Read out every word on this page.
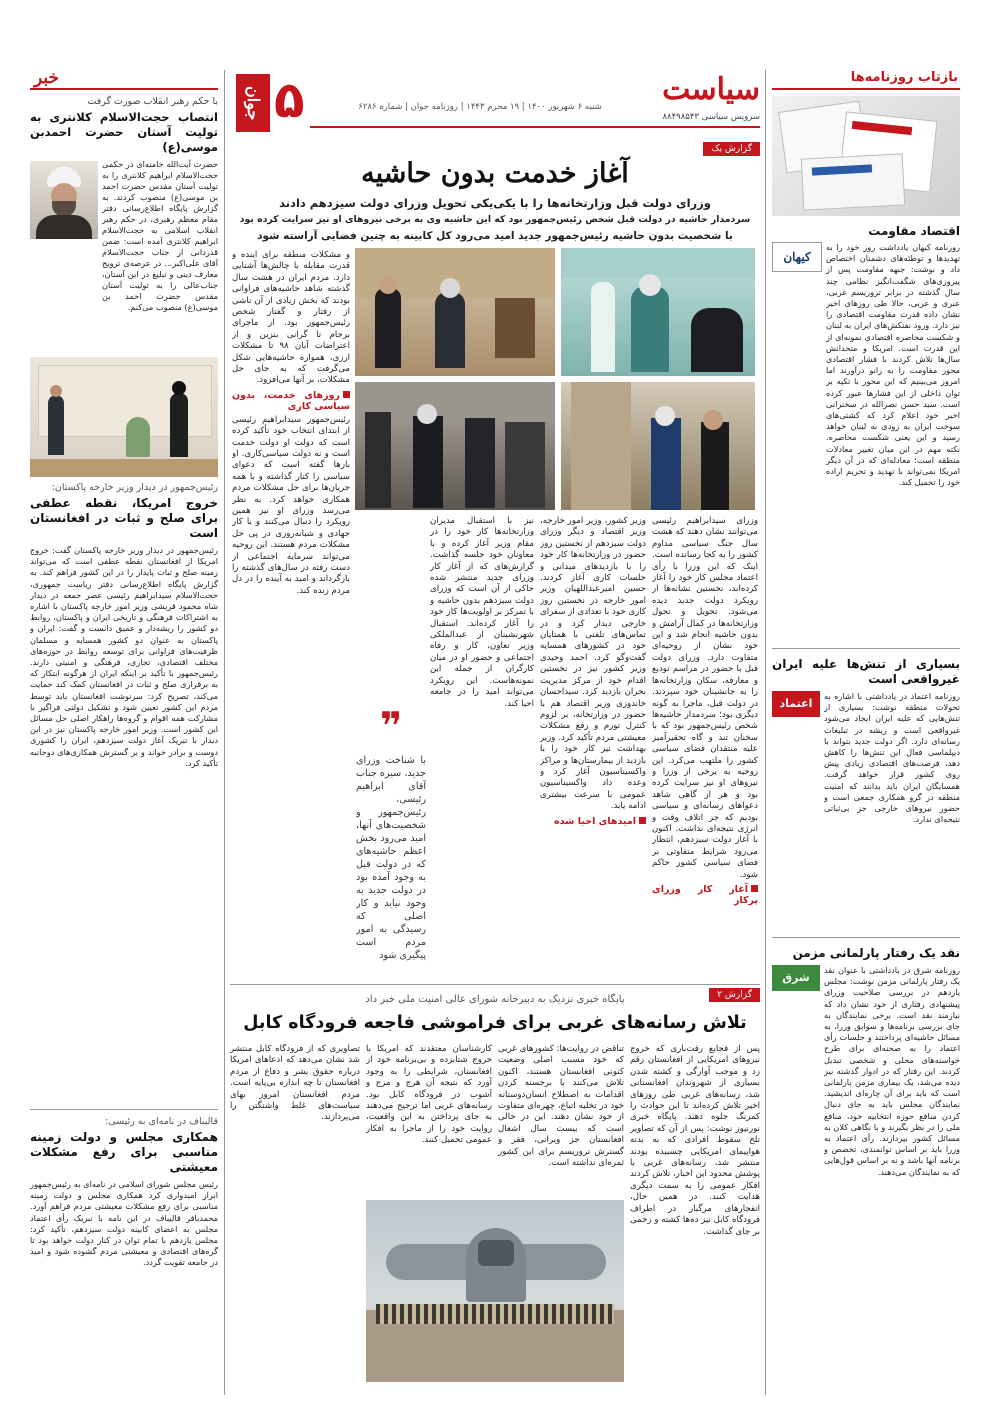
خبر
با حکم رهبر انقلاب صورت گرفت
انتصاب حجت‌الاسلام کلانتری به تولیت آستان حضرت احمدبن موسی(ع)
حضرت آیت‌الله خامنه‌ای در حکمی حجت‌الاسلام ابراهیم کلانتری را به تولیت آستان مقدس حضرت احمد بن موسی(ع) منصوب کردند. به گزارش پایگاه اطلاع‌رسانی دفتر مقام معظم رهبری، در حکم رهبر انقلاب اسلامی به حجت‌الاسلام ابراهیم کلانتری آمده است: ضمن قدردانی از جناب حجت‌الاسلام آقای علی‌اکبر... در عرصه‌ی ترویج معارف دینی و تبلیغ در این آستان، جناب‌عالی را به تولیت آستان مقدس حضرت احمد بن موسی(ع) منصوب می‌کنم.
رئیس‌جمهور در دیدار وزیر خارجه پاکستان:
خروج امریکا، نقطه عطفی برای صلح و ثبات در افغانستان است
رئیس‌جمهور در دیدار وزیر خارجه پاکستان گفت: خروج امریکا از افغانستان نقطه عطفی است که می‌تواند زمینه صلح و ثبات پایدار را در این کشور فراهم کند. به گزارش پایگاه اطلاع‌رسانی دفتر ریاست جمهوری، حجت‌الاسلام سیدابراهیم رئیسی عصر جمعه در دیدار شاه محمود قریشی وزیر امور خارجه پاکستان با اشاره به اشتراکات فرهنگی و تاریخی ایران و پاکستان، روابط دو کشور را ریشه‌دار و عمیق دانست و گفت: ایران و پاکستان به عنوان دو کشور همسایه و مسلمان ظرفیت‌های فراوانی برای توسعه روابط در حوزه‌های مختلف اقتصادی، تجاری، فرهنگی و امنیتی دارند. رئیس‌جمهور با تأکید بر اینکه ایران از هرگونه ابتکار که به برقراری صلح و ثبات در افغانستان کمک کند حمایت می‌کند، تصریح کرد: سرنوشت افغانستان باید توسط مردم این کشور تعیین شود و تشکیل دولتی فراگیر با مشارکت همه اقوام و گروه‌ها راهکار اصلی حل مسائل این کشور است. وزیر امور خارجه پاکستان نیز در این دیدار با تبریک آغاز دولت سیزدهم، ایران را کشوری دوست و برادر خواند و بر گسترش همکاری‌های دوجانبه تأکید کرد.
قالیباف در نامه‌ای به رئیسی:
همکاری مجلس و دولت زمینه مناسبی برای رفع مشکلات معیشتی
رئیس مجلس شورای اسلامی در نامه‌ای به رئیس‌جمهور ابراز امیدواری کرد همکاری مجلس و دولت زمینه مناسبی برای رفع مشکلات معیشتی مردم فراهم آورد. محمدباقر قالیباف در این نامه با تبریک رأی اعتماد مجلس به اعضای کابینه دولت سیزدهم، تأکید کرد: مجلس یازدهم با تمام توان در کنار دولت خواهد بود تا گره‌های اقتصادی و معیشتی مردم گشوده شود و امید در جامعه تقویت گردد.
جوان ۵	شنبه ۶ شهریور ۱۴۰۰ | ۱۹ محرم ۱۴۴۳ | روزنامه جوان | شماره ۶۲۸۶	سیاست
سرویس سیاسی ۸۸۴۹۸۵۴۳
گزارش یک
آغاز خدمت بدون حاشیه
وزرای دولت قبل وزارتخانه‌ها را با یکی‌یکی تحویل وزرای دولت سیزدهم دادند
سردمدار حاشیه در دولت قبل شخص رئیس‌جمهور بود که این حاشیه وی به برخی نیروهای او نیز سرایت کرده بود
با شخصیت بدون حاشیه رئیس‌جمهور جدید امید می‌رود کل کابینه به چنین فضایی آراسته شود

و مشکلات منطقه برای آینده و قدرت مقابله با چالش‌ها آشنایی دارد. مردم ایران در هشت سال گذشته شاهد حاشیه‌های فراوانی بودند که بخش زیادی از آن ناشی از رفتار و گفتار شخص رئیس‌جمهور بود. از ماجرای برجام تا گرانی بنزین و از اعتراضات آبان ۹۸ تا مشکلات ارزی، همواره حاشیه‌هایی شکل می‌گرفت که به جای حل مشکلات، بر آنها می‌افزود.

روزهای خدمت، بدون سیاسی کاری

رئیس‌جمهور سیدابراهیم رئیسی از ابتدای انتخاب خود تأکید کرده است که دولت او دولت خدمت است و نه دولت سیاسی‌کاری. او بارها گفته است که دعوای سیاسی را کنار گذاشته و با همه جریان‌ها برای حل مشکلات مردم همکاری خواهد کرد. به نظر می‌رسد وزرای او نیز همین رویکرد را دنبال می‌کنند و با کار جهادی و شبانه‌روزی در پی حل مشکلات مردم هستند. این روحیه می‌تواند سرمایه اجتماعی از دست رفته در سال‌های گذشته را بازگرداند و امید به آینده را در دل مردم زنده کند.

وزرای سیدابراهیم رئیسی می‌توانند نشان دهند که هشت سال جنگ سیاسی مداوم کشور را به کجا رسانده است. اینک که این وزرا با رأی اعتماد مجلس کار خود را آغاز کرده‌اند، نخستین نشانه‌ها از رویکرد دولت جدید دیده می‌شود. تحویل و تحول وزارتخانه‌ها در کمال آرامش و بدون حاشیه انجام شد و این خود نشان از روحیه‌ای متفاوت دارد. وزرای دولت قبل با حضور در مراسم تودیع و معارفه، سکان وزارتخانه‌ها را به جانشینان خود سپردند. در دولت قبل، ماجرا به گونه دیگری بود؛ سردمدار حاشیه‌ها شخص رئیس‌جمهور بود که با سخنان تند و گاه تحقیرآمیز علیه منتقدان فضای سیاسی کشور را ملتهب می‌کرد. این روحیه به برخی از وزرا و نیروهای او نیز سرایت کرده بود و هر از گاهی شاهد دعواهای رسانه‌ای و سیاسی بودیم که جز اتلاف وقت و انرژی نتیجه‌ای نداشت. اکنون با آغاز دولت سیزدهم، انتظار می‌رود شرایط متفاوتی بر فضای سیاسی کشور حاکم شود.

آغاز کار وزرای پرکار

وزیر کشور، وزیر امور خارجه، وزیر اقتصاد و دیگر وزرای دولت سیزدهم از نخستین روز حضور در وزارتخانه‌ها کار خود را با بازدیدهای میدانی و جلسات کاری آغاز کردند. حسین امیرعبداللهیان وزیر امور خارجه در نخستین روز کاری خود با تعدادی از سفرای خارجی دیدار کرد و در تماس‌های تلفنی با همتایان خود در کشورهای همسایه گفت‌وگو کرد. احمد وحیدی وزیر کشور نیز در نخستین اقدام خود از مرکز مدیریت بحران بازدید کرد. سیداحسان خاندوزی وزیر اقتصاد هم با حضور در وزارتخانه، بر لزوم کنترل تورم و رفع مشکلات معیشتی مردم تأکید کرد. وزیر بهداشت نیز کار خود را با بازدید از بیمارستان‌ها و مراکز واکسیناسیون آغاز کرد و وعده داد واکسیناسیون عمومی با سرعت بیشتری ادامه یابد.

امیدهای احیا شده

نیز با استقبال مدیران وزارتخانه‌ها کار خود را در مقام وزیر آغاز کرده و با معاونان خود جلسه گذاشت. گزارش‌های که از آغاز کار وزرای جدید منتشر شده حاکی از آن است که وزرای دولت سیزدهم بدون حاشیه و با تمرکز بر اولویت‌ها کار خود را آغاز کرده‌اند. استقبال شهرنشینان از عبدالملکی وزیر تعاون، کار و رفاه اجتماعی و حضور او در میان کارگران از جمله این نمونه‌هاست. این رویکرد می‌تواند امید را در جامعه احیا کند.

❞
با شناخت وزرای جدید، سیره جناب آقای ابراهیم رئیسی، رئیس‌جمهور و شخصیت‌های آنها، امید می‌رود بخش اعظم حاشیه‌های که در دولت قبل به وجود آمده بود در دولت جدید به وجود نیاید و کار اصلی که رسیدگی به امور مردم است پیگیری شود
گزارش ۲
پایگاه خبری نزدیک به دبیرخانه شورای عالی امنیت ملی خبر داد
تلاش رسانه‌های غربی برای فراموشی فاجعه فرودگاه کابل
پس از فجایع رقت‌باری که خروج نیروهای امریکایی از افغانستان رقم زد و موجب آوارگی و کشته شدن بسیاری از شهروندان افغانستانی شد، رسانه‌های غربی طی روزهای اخیر تلاش کرده‌اند تا این حوادث را کمرنگ جلوه دهند. پایگاه خبری نورنیوز نوشت: پس از آن که تصاویر تلخ سقوط افرادی که به بدنه هواپیمای امریکایی چسبیده بودند منتشر شد، رسانه‌های غربی با پوشش محدود این اخبار، تلاش کردند افکار عمومی را به سمت دیگری هدایت کنند. در همین حال، انفجارهای مرگبار در اطراف فرودگاه کابل نیز ده‌ها کشته و زخمی بر جای گذاشت.
تناقض در روایت‌ها: کشورهای غربی که خود مسبب اصلی وضعیت کنونی افغانستان هستند، اکنون تلاش می‌کنند با برجسته کردن اقدامات به اصطلاح انسان‌دوستانه خود در تخلیه اتباع، چهره‌ای متفاوت از خود نشان دهند. این در حالی است که بیست سال اشغال افغانستان جز ویرانی، فقر و گسترش تروریسم برای این کشور ثمره‌ای نداشته است.
کارشناسان معتقدند که امریکا با خروج شتابزده و بی‌برنامه خود از افغانستان، شرایطی را به وجود آورد که نتیجه آن هرج و مرج و آشوب در فرودگاه کابل بود. رسانه‌های غربی اما ترجیح می‌دهند به جای پرداختن به این واقعیت، روایت خود را از ماجرا به افکار عمومی تحمیل کنند.
تصاویری که از فرودگاه کابل منتشر شد نشان می‌دهد که ادعاهای امریکا درباره حقوق بشر و دفاع از مردم افغانستان تا چه اندازه بی‌پایه است. مردم افغانستان امروز بهای سیاست‌های غلط واشنگتن را می‌پردازند.
بازتاب روزنامه‌ها
اقتصاد مقاومت
کیهان
روزنامه کیهان یادداشت روز خود را به تهدیدها و توطئه‌های دشمنان اختصاص داد و نوشت: جبهه مقاومت پس از پیروزی‌های شگفت‌انگیز نظامی چند سال گذشته در برابر تروریسم غربی، عبری و عربی، حالا طی روزهای اخیر نشان داده قدرت مقاومت اقتصادی را نیز دارد. ورود نفتکش‌های ایران به لبنان و شکست محاصره اقتصادی نمونه‌ای از این قدرت است. امریکا و متحدانش سال‌ها تلاش کردند با فشار اقتصادی محور مقاومت را به زانو درآورند اما امروز می‌بینیم که این محور با تکیه بر توان داخلی از این فشارها عبور کرده است. سید حسن نصرالله در سخنرانی اخیر خود اعلام کرد که کشتی‌های سوخت ایران به زودی به لبنان خواهد رسید و این یعنی شکست محاصره. نکته مهم در این میان تغییر معادلات منطقه است؛ معادله‌ای که در آن دیگر امریکا نمی‌تواند با تهدید و تحریم اراده خود را تحمیل کند.
بسیاری از تنش‌ها علیه ایران غیرواقعی است
اعتماد
روزنامه اعتماد در یادداشتی با اشاره به تحولات منطقه نوشت: بسیاری از تنش‌هایی که علیه ایران ایجاد می‌شود غیرواقعی است و ریشه در تبلیغات رسانه‌ای دارد. اگر دولت جدید بتواند با دیپلماسی فعال این تنش‌ها را کاهش دهد، فرصت‌های اقتصادی زیادی پیش روی کشور قرار خواهد گرفت. همسایگان ایران باید بدانند که امنیت منطقه در گرو همکاری جمعی است و حضور نیروهای خارجی جز بی‌ثباتی نتیجه‌ای ندارد.
نقد یک رفتار پارلمانی مزمن
شرق
روزنامه شرق در یادداشتی با عنوان نقد یک رفتار پارلمانی مزمن نوشت: مجلس یازدهم در بررسی صلاحیت وزرای پیشنهادی رفتاری از خود نشان داد که نیازمند نقد است. برخی نمایندگان به جای بررسی برنامه‌ها و سوابق وزرا، به مسائل حاشیه‌ای پرداختند و جلسات رأی اعتماد را به صحنه‌ای برای طرح خواسته‌های محلی و شخصی تبدیل کردند. این رفتار که در ادوار گذشته نیز دیده می‌شد، یک بیماری مزمن پارلمانی است که باید برای آن چاره‌ای اندیشید. نمایندگان مجلس باید به جای دنبال کردن منافع حوزه انتخابیه خود، منافع ملی را در نظر بگیرند و با نگاهی کلان به مسائل کشور بپردازند. رأی اعتماد به وزرا باید بر اساس توانمندی، تخصص و برنامه آنها باشد و نه بر اساس قول‌هایی که به نمایندگان می‌دهند.
